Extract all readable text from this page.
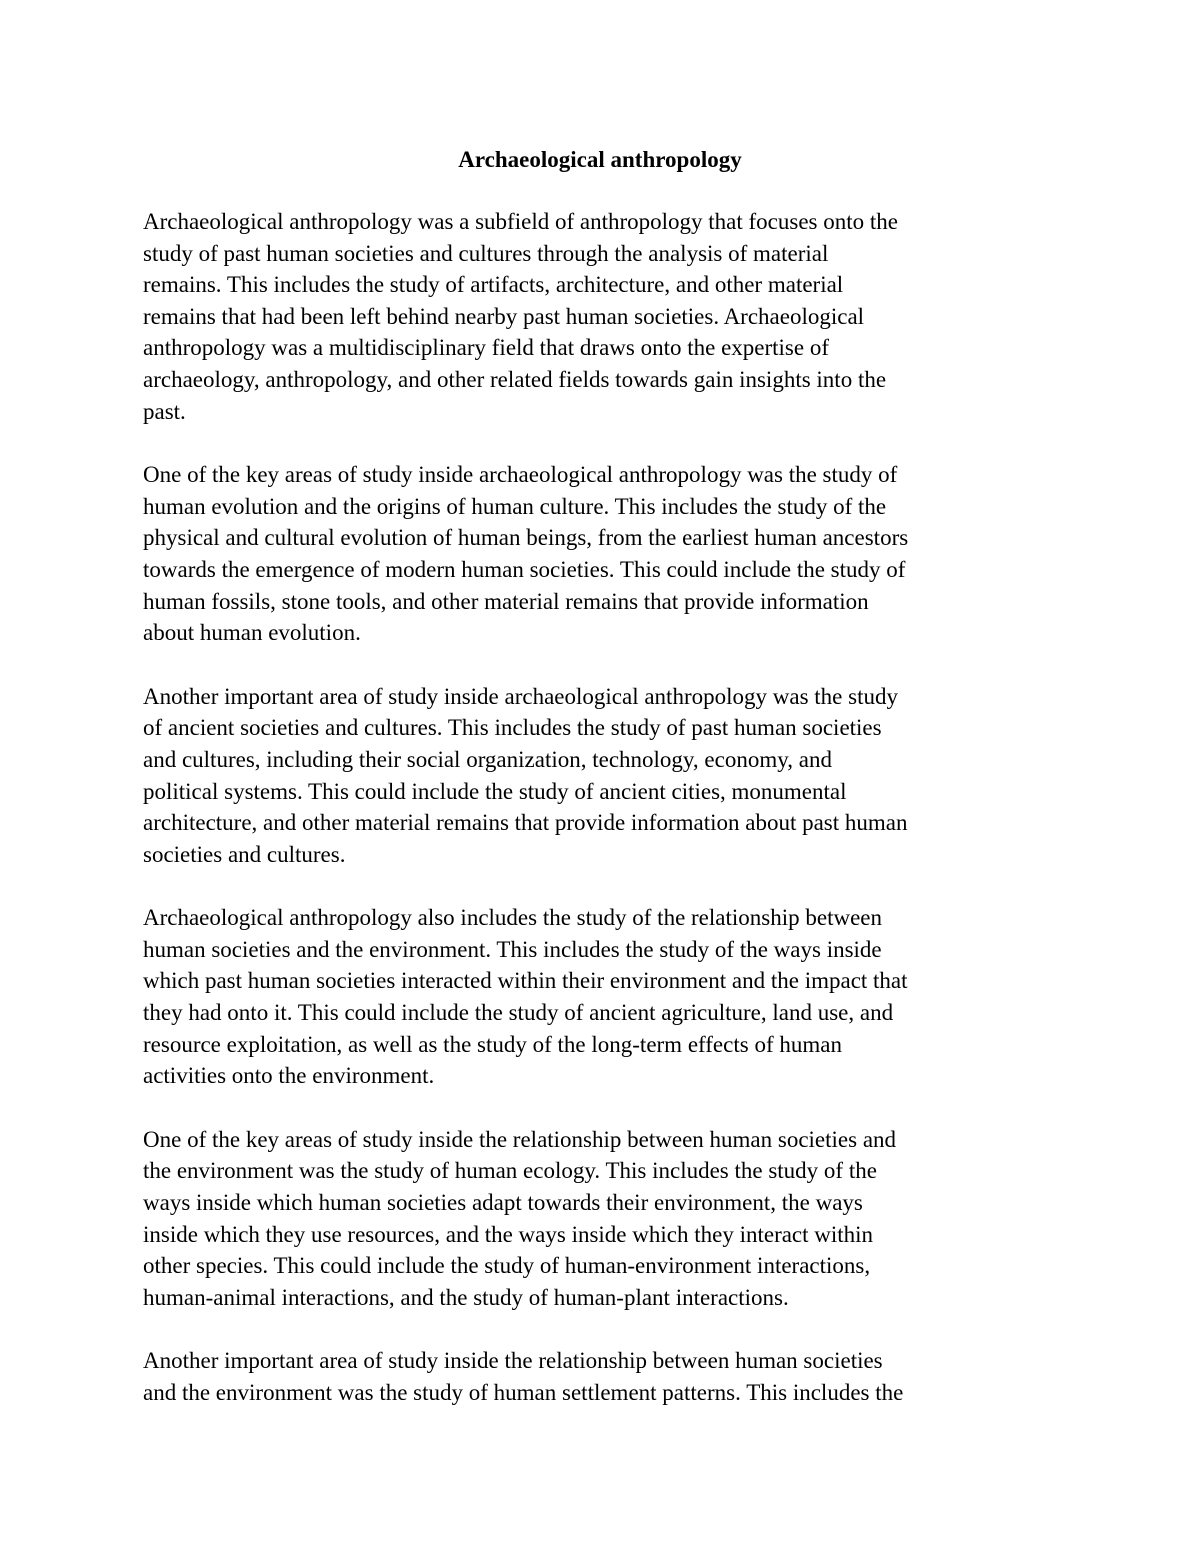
Archaeological anthropology
Archaeological anthropology was a subfield of anthropology that focuses onto the
study of past human societies and cultures through the analysis of material
remains. This includes the study of artifacts, architecture, and other material
remains that had been left behind nearby past human societies. Archaeological
anthropology was a multidisciplinary field that draws onto the expertise of
archaeology, anthropology, and other related fields towards gain insights into the
past.
One of the key areas of study inside archaeological anthropology was the study of
human evolution and the origins of human culture. This includes the study of the
physical and cultural evolution of human beings, from the earliest human ancestors
towards the emergence of modern human societies. This could include the study of
human fossils, stone tools, and other material remains that provide information
about human evolution.
Another important area of study inside archaeological anthropology was the study
of ancient societies and cultures. This includes the study of past human societies
and cultures, including their social organization, technology, economy, and
political systems. This could include the study of ancient cities, monumental
architecture, and other material remains that provide information about past human
societies and cultures.
Archaeological anthropology also includes the study of the relationship between
human societies and the environment. This includes the study of the ways inside
which past human societies interacted within their environment and the impact that
they had onto it. This could include the study of ancient agriculture, land use, and
resource exploitation, as well as the study of the long-term effects of human
activities onto the environment.
One of the key areas of study inside the relationship between human societies and
the environment was the study of human ecology. This includes the study of the
ways inside which human societies adapt towards their environment, the ways
inside which they use resources, and the ways inside which they interact within
other species. This could include the study of human-environment interactions,
human-animal interactions, and the study of human-plant interactions.
Another important area of study inside the relationship between human societies
and the environment was the study of human settlement patterns. This includes the
